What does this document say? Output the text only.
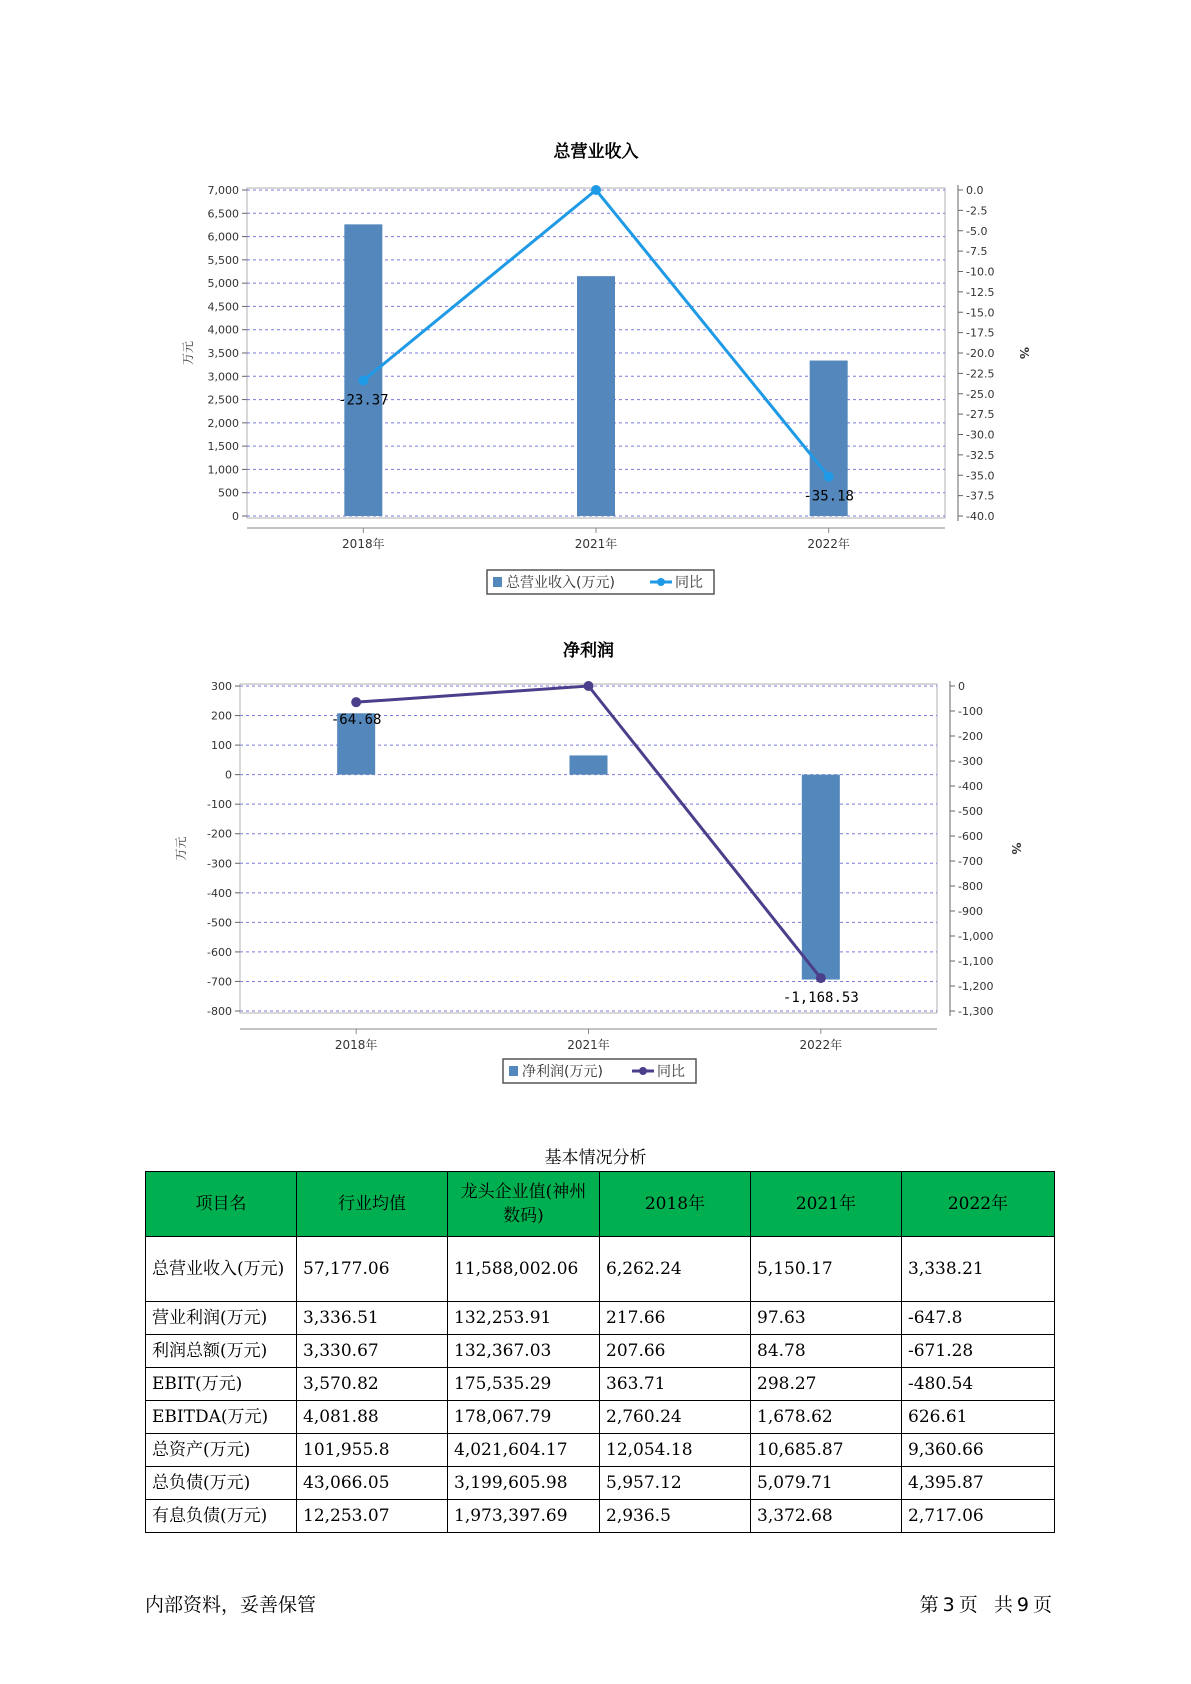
总营业收入
0
500
1,000
1,500
2,000
2,500
3,000
3,500
4,000
4,500
5,000
5,500
6,000
6,500
7,000	0.0
-2.5
-5.0
-7.5
-10.0
-12.5
-15.0
-17.5
-20.0
-22.5
-25.0
-27.5
-30.0
-32.5
-35.0
-37.5
-40.0
万元	%
2018年	2021年	2022年
-23.37
-35.18
总营业收入(万元)	同比
净利润
-800
-700
-600
-500
-400
-300
-200
-100
0
100
200
300	0
-100
-200
-300
-400
-500
-600
-700
-800
-900
-1,000
-1,100
-1,200
-1,300
万元	%
2018年	2021年	2022年
-64.68
-1,168.53
净利润(万元)	同比
基本情况分析
项目名	行业均值	龙头企业值(神州数码)	2018年	2021年	2022年
总营业收入(万元)	57,177.06	11,588,002.06	6,262.24	5,150.17	3,338.21
营业利润(万元)	3,336.51	132,253.91	217.66	97.63	-647.8
利润总额(万元)	3,330.67	132,367.03	207.66	84.78	-671.28
EBIT(万元)	3,570.82	175,535.29	363.71	298.27	-480.54
EBITDA(万元)	4,081.88	178,067.79	2,760.24	1,678.62	626.61
总资产(万元)	101,955.8	4,021,604.17	12,054.18	10,685.87	9,360.66
总负债(万元)	43,066.05	3,199,605.98	5,957.12	5,079.71	4,395.87
有息负债(万元)	12,253.07	1,973,397.69	2,936.5	3,372.68	2,717.06
内部资料，妥善保管	第 3 页 共 9 页
